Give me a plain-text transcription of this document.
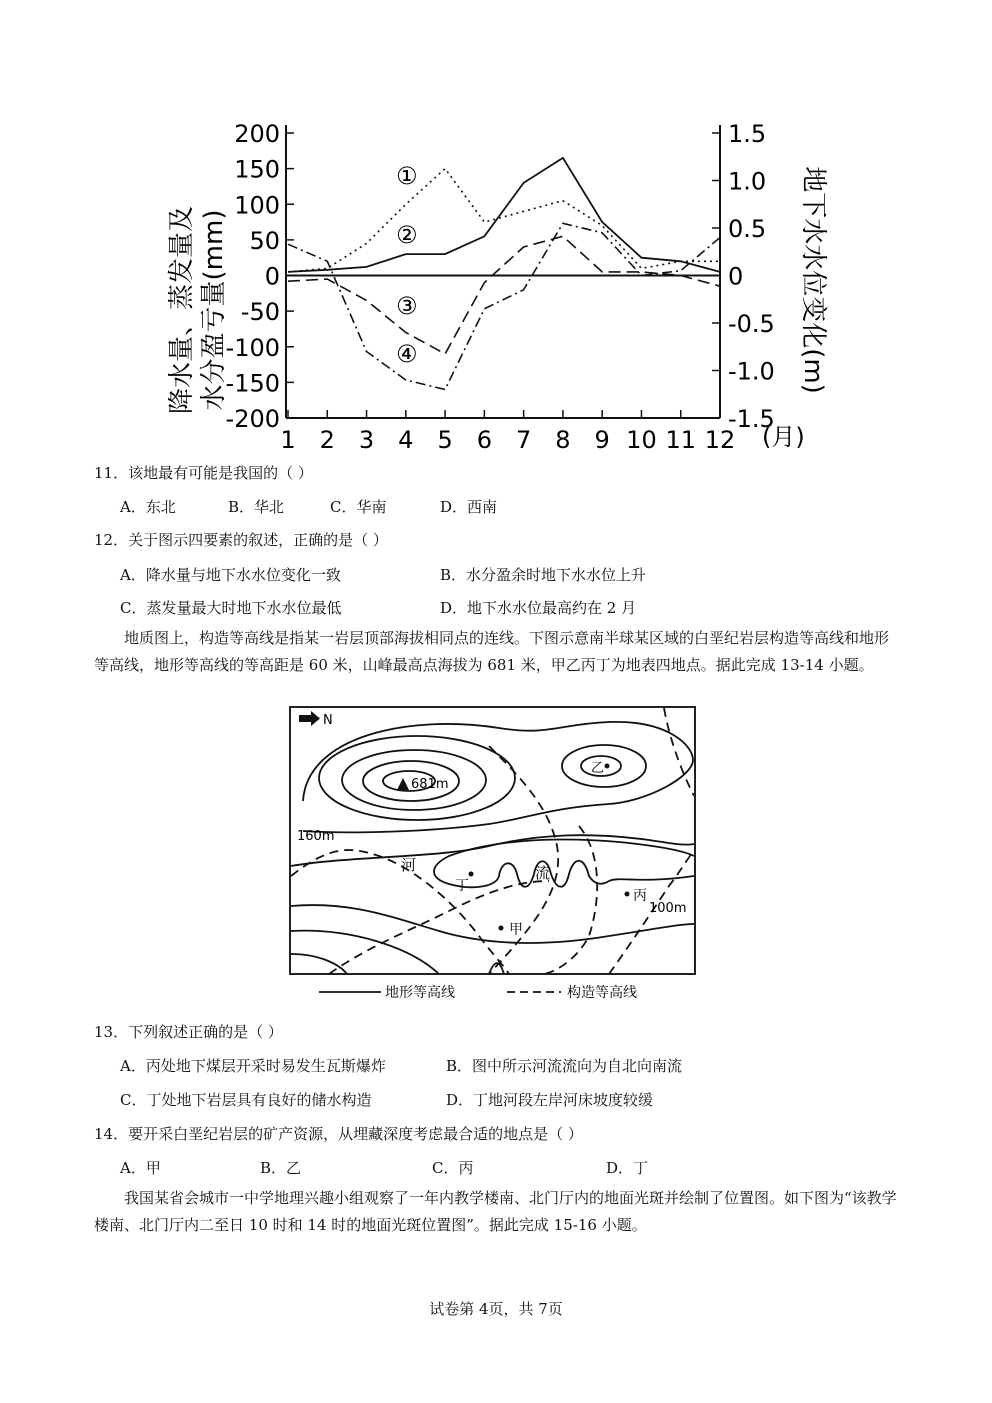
降水量、蒸发量及 水分盈亏量(mm)	地下水水位变化(m)
200
150
100
50
0
-50
-100
-150
-200
1.5
1.0
0.5
0
-0.5
-1.0
-1.5
1 2 3 4 5 6 7 8 9 10 11 12 (月)
①
②
③
④
11．该地最有可能是我国的（ ）
A．东北	B．华北	C．华南	D．西南
12．关于图示四要素的叙述，正确的是（ ）
A．降水量与地下水水位变化一致	B．水分盈余时地下水水位上升
C．蒸发量最大时地下水水位最低	D．地下水水位最高约在 2 月
地质图上，构造等高线是指某一岩层顶部海拔相同点的连线。下图示意南半球某区域的白垩纪岩层构造等高线和地形等高线，地形等高线的等高距是 60 米，山峰最高点海拔为 681 米，甲乙丙丁为地表四地点。据此完成 13-14 小题。
N
681m
160m
100m
河	流
丁
甲
丙
乙
地形等高线	构造等高线
13．下列叙述正确的是（ ）
A．丙处地下煤层开采时易发生瓦斯爆炸	B．图中所示河流流向为自北向南流
C．丁处地下岩层具有良好的储水构造	D．丁地河段左岸河床坡度较缓
14．要开采白垩纪岩层的矿产资源，从埋藏深度考虑最合适的地点是（ ）
A．甲	B．乙	C．丙	D．丁
我国某省会城市一中学地理兴趣小组观察了一年内教学楼南、北门厅内的地面光斑并绘制了位置图。如下图为“该教学楼南、北门厅内二至日 10 时和 14 时的地面光斑位置图”。据此完成 15-16 小题。
试卷第 4页，共 7页
